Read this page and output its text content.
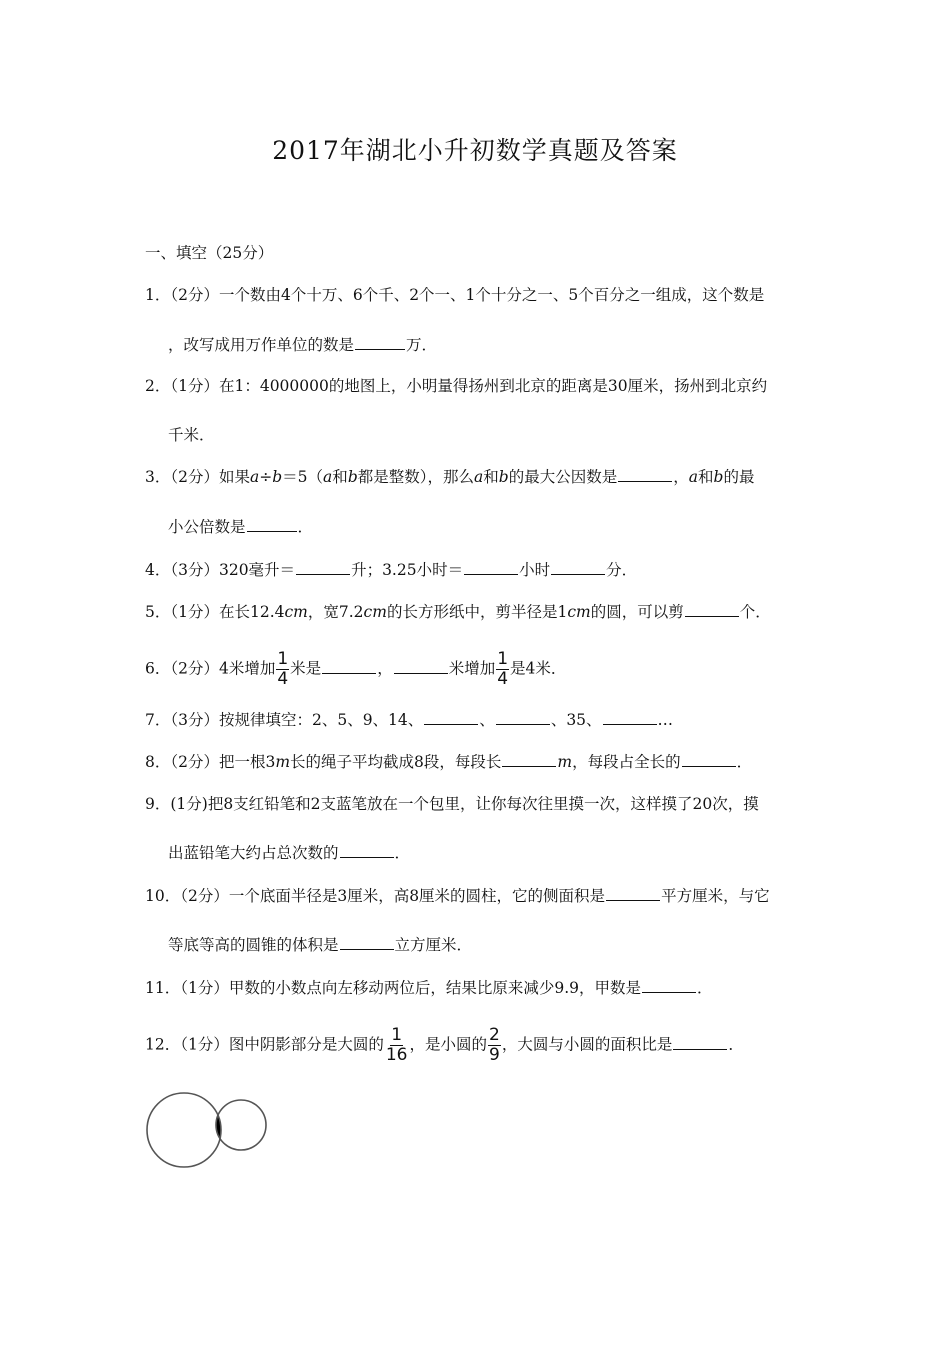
2017年湖北小升初数学真题及答案
一、填空（25分）
1．（2分）一个数由4个十万、6个千、2个一、1个十分之一、5个百分之一组成，这个数是
，改写成用万作单位的数是	万．
2．（1分）在1：4000000的地图上，小明量得扬州到北京的距离是30厘米，扬州到北京约
千米．
3．（2分）如果a÷b＝5（a和b都是整数），那么a和b的最大公因数是	，a和b的最
小公倍数是	．
4．（3分）320毫升＝	升；3.25小时＝	小时	分．
5．（1分）在长12.4cm，宽7.2cm的长方形纸中，剪半径是1cm的圆，可以剪	个．
6．（2分）4米增加 $\frac{1}{4}$ 米是	，	米增加 $\frac{1}{4}$ 是4米．
7．（3分）按规律填空：2、5、9、14、	、	、35、	…
8．（2分）把一根3m长的绳子平均截成8段，每段长	m，每段占全长的	．
9．(1分)把8支红铅笔和2支蓝笔放在一个包里，让你每次往里摸一次，这样摸了20次，摸
出蓝铅笔大约占总次数的	．
10．（2分）一个底面半径是3厘米，高8厘米的圆柱，它的侧面积是	平方厘米，与它
等底等高的圆锥的体积是	立方厘米．
11．（1分）甲数的小数点向左移动两位后，结果比原来减少9.9，甲数是	．
12．（1分）图中阴影部分是大圆的 $\frac{1}{16}$ ，是小圆的 $\frac{2}{9}$ ，大圆与小圆的面积比是	．
